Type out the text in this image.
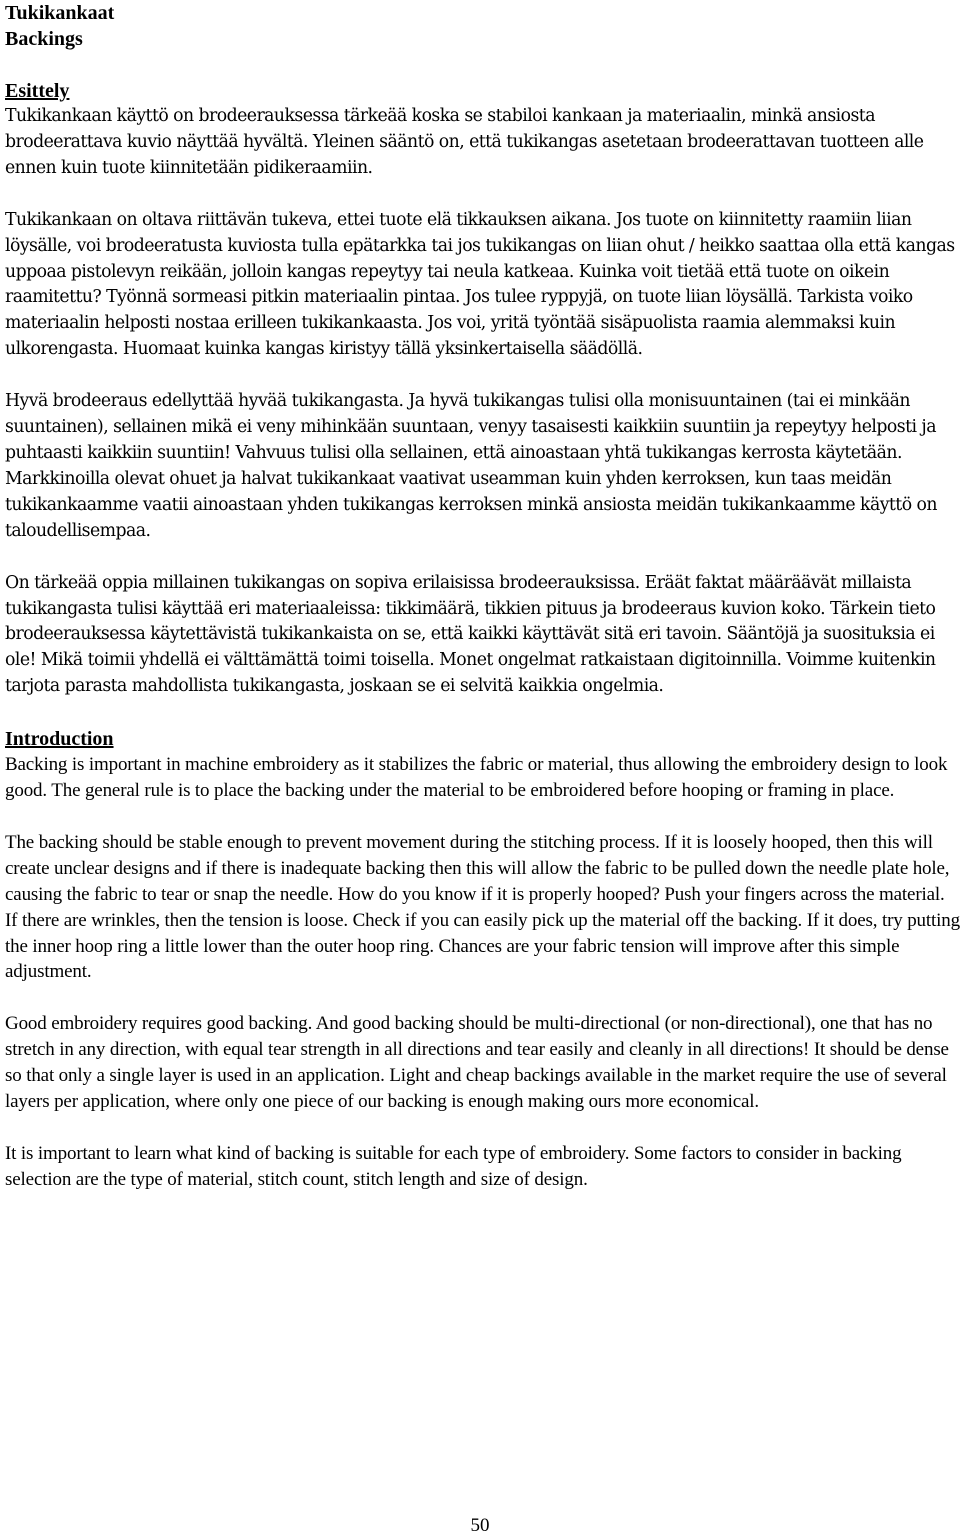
Tukikankaat
Backings
Esittely

Tukikankaan käyttö on brodeerauksessa tärkeää koska se stabiloi kankaan ja materiaalin, minkä ansiosta brodeerattava kuvio näyttää hyvältä. Yleinen sääntö on, että tukikangas asetetaan brodeerattavan tuotteen alle ennen kuin tuote kiinnitetään pidikeraamiin.

Tukikankaan on oltava riittävän tukeva, ettei tuote elä tikkauksen aikana. Jos tuote on kiinnitetty raamiin liian löysälle, voi brodeeratusta kuviosta tulla epätarkka tai jos tukikangas on liian ohut / heikko saattaa olla että kangas uppoaa pistolevyn reikään, jolloin kangas repeytyy tai neula katkeaa. Kuinka voit tietää että tuote on oikein raamitettu? Työnnä sormeasi pitkin materiaalin pintaa. Jos tulee ryppyjä, on tuote liian löysällä. Tarkista voiko materiaalin helposti nostaa erilleen tukikankaasta. Jos voi, yritä työntää sisäpuolista raamia alemmaksi kuin ulkorengasta. Huomaat kuinka kangas kiristyy tällä yksinkertaisella säädöllä.

Hyvä brodeeraus edellyttää hyvää tukikangasta. Ja hyvä tukikangas tulisi olla monisuuntainen (tai ei minkään suuntainen), sellainen mikä ei veny mihinkään suuntaan, venyy tasaisesti kaikkiin suuntiin ja repeytyy helposti ja puhtaasti kaikkiin suuntiin! Vahvuus tulisi olla sellainen, että ainoastaan yhtä tukikangas kerrosta käytetään. Markkinoilla olevat ohuet ja halvat tukikankaat vaativat useamman kuin yhden kerroksen, kun taas meidän tukikankaamme vaatii ainoastaan yhden tukikangas kerroksen minkä ansiosta meidän tukikankaamme käyttö on taloudellisempaa.

On tärkeää oppia millainen tukikangas on sopiva erilaisissa brodeerauksissa. Eräät faktat määräävät millaista tukikangasta tulisi käyttää eri materiaaleissa: tikkimäärä, tikkien pituus ja brodeeraus kuvion koko. Tärkein tieto brodeerauksessa käytettävistä tukikankaista on se, että kaikki käyttävät sitä eri tavoin. Sääntöjä ja suosituksia ei ole! Mikä toimii yhdellä ei välttämättä toimi toisella. Monet ongelmat ratkaistaan digitoinnilla. Voimme kuitenkin tarjota parasta mahdollista tukikangasta, joskaan se ei selvitä kaikkia ongelmia.

Introduction

Backing is important in machine embroidery as it stabilizes the fabric or material, thus allowing the embroidery design to look good. The general rule is to place the backing under the material to be embroidered before hooping or framing in place.

The backing should be stable enough to prevent movement during the stitching process. If it is loosely hooped, then this will create unclear designs and if there is inadequate backing then this will allow the fabric to be pulled down the needle plate hole, causing the fabric to tear or snap the needle. How do you know if it is properly hooped? Push your fingers across the material. If there are wrinkles, then the tension is loose. Check if you can easily pick up the material off the backing. If it does, try putting the inner hoop ring a little lower than the outer hoop ring. Chances are your fabric tension will improve after this simple adjustment.

Good embroidery requires good backing. And good backing should be multi-directional (or non-directional), one that has no stretch in any direction, with equal tear strength in all directions and tear easily and cleanly in all directions! It should be dense so that only a single layer is used in an application. Light and cheap backings available in the market require the use of several layers per application, where only one piece of our backing is enough making ours more economical.

It is important to learn what kind of backing is suitable for each type of embroidery. Some factors to consider in backing selection are the type of material, stitch count, stitch length and size of design.

50
